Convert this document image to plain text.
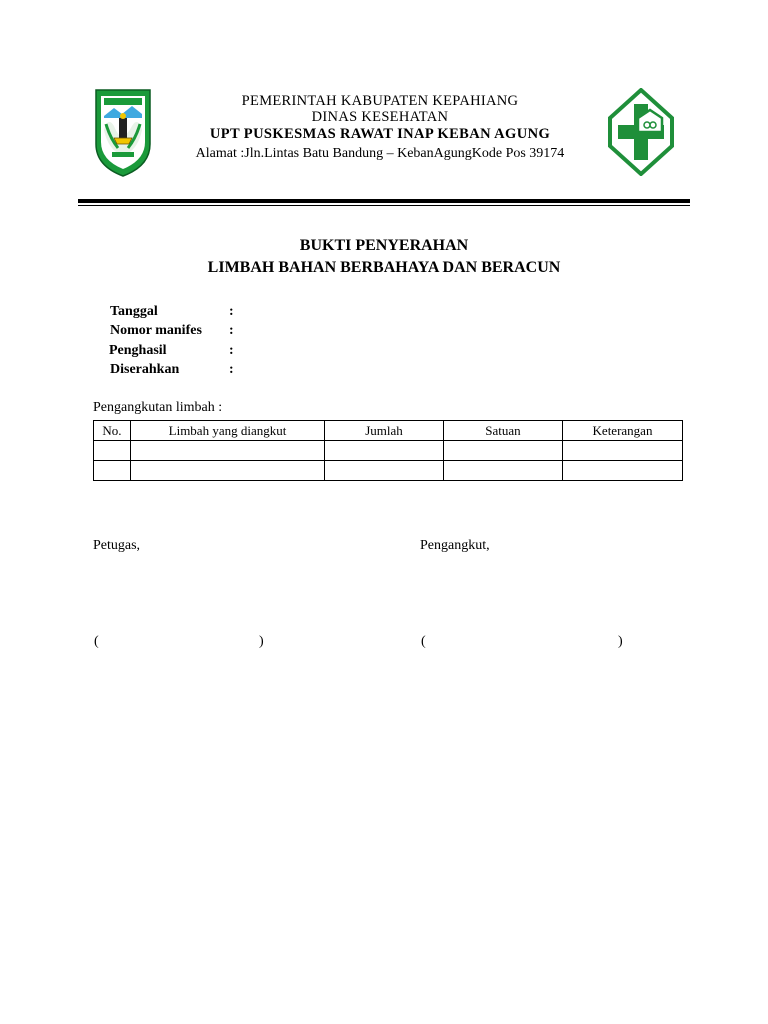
PEMERINTAH KABUPATEN KEPAHIANG
DINAS KESEHATAN
UPT PUSKESMAS RAWAT INAP KEBAN AGUNG
Alamat :Jln.Lintas Batu Bandung – KebanAgungKode Pos 39174
BUKTI PENYERAHAN
LIMBAH BAHAN BERBAHAYA DAN BERACUN
Tanggal	:
Nomor manifes :
Penghasil	:
Diserahkan	:
Pengangkutan limbah :
No.	Limbah yang diangkut	Jumlah	Satuan	Keterangan

Petugas,	Pengangkut,
(	)	(	)
